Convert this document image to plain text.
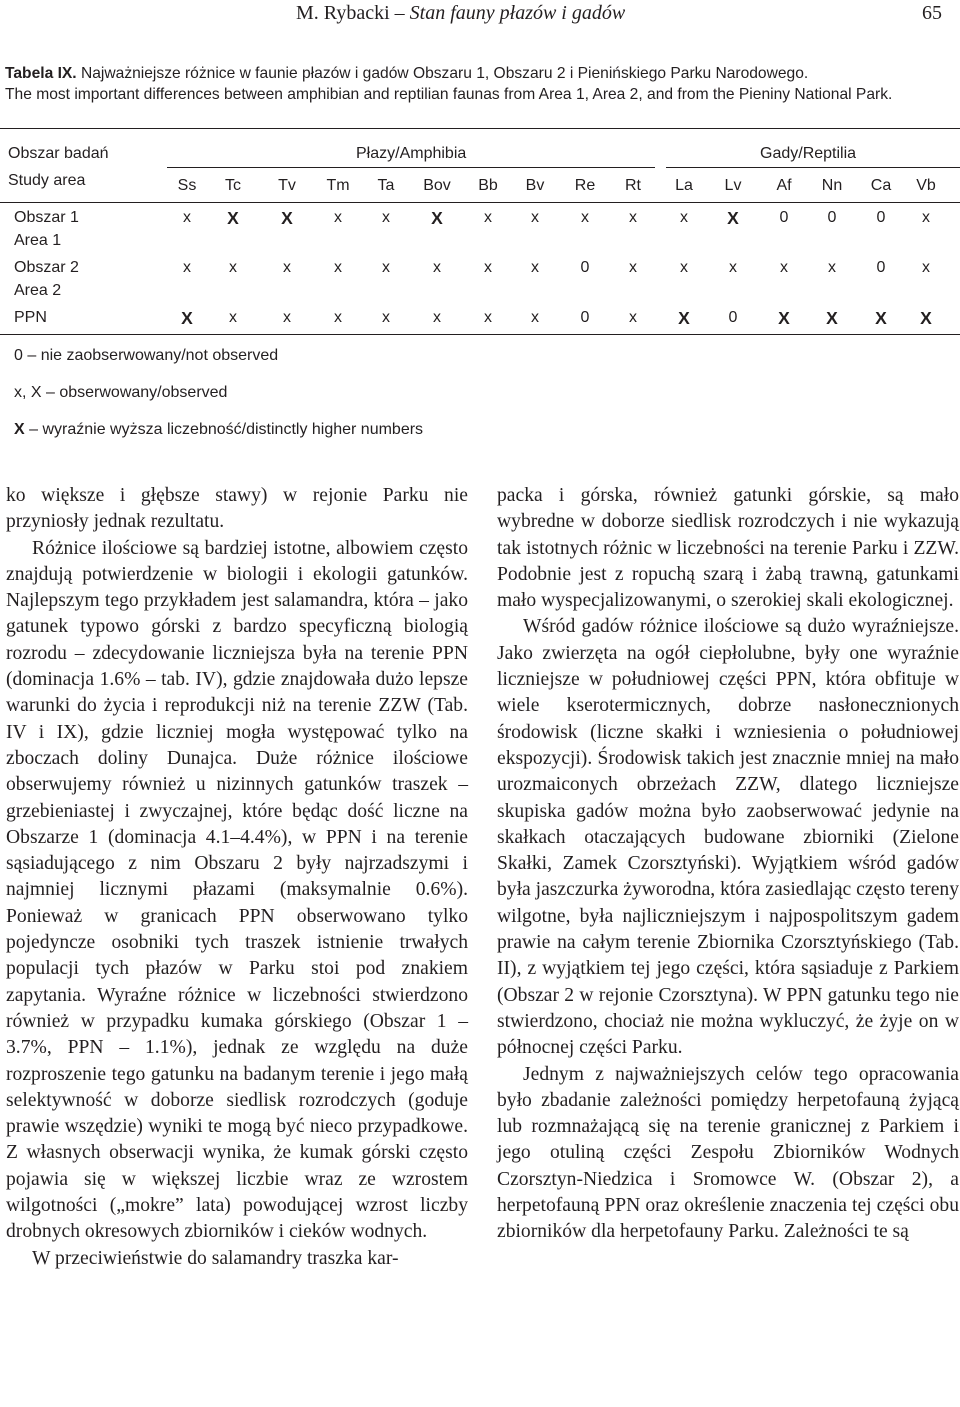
M. Rybacki – Stan fauny płazów i gadów	65
Tabela IX. Najważniejsze różnice w faunie płazów i gadów Obszaru 1, Obszaru 2 i Pienińskiego Parku Narodowego.
The most important differences between amphibian and reptilian faunas from Area 1, Area 2, and from the Pieniny National Park.
Obszar badań
Study area
Płazy/Amphibia	Gady/Reptilia
Ss	Tc	Tv	Tm	Ta	Bov	Bb	Bv	Re	Rt	La	Lv	Af	Nn	Ca	Vb
Obszar 1
Area 1
x	X	X	x	x	X	x	x	x	x	x	X	0	0	0	x
Obszar 2
Area 2
x	x	x	x	x	x	x	x	0	x	x	x	x	x	0	x
PPN	X	x	x	x	x	x	x	x	0	x	X	0	X	X	X	X
0 – nie zaobserwowany/not observed
x, X – obserwowany/observed
X – wyraźnie wyższa liczebność/distinctly higher numbers

ko większe i głębsze stawy) w rejonie Parku nie przyniosły jednak rezultatu.

Różnice ilościowe są bardziej istotne, albowiem często znajdują potwierdzenie w biologii i ekologii gatunków. Najlepszym tego przykładem jest salamandra, która – jako gatunek typowo górski z bardzo specyficzną biologią rozrodu – zdecydowanie liczniejsza była na terenie PPN (dominacja 1.6% – tab. IV), gdzie znajdowała dużo lepsze warunki do życia i reprodukcji niż na terenie ZZW (Tab. IV i IX), gdzie liczniej mogła występować tylko na zboczach doliny Dunajca. Duże różnice ilościowe obserwujemy również u nizinnych gatunków traszek – grzebieniastej i zwyczajnej, które będąc dość liczne na Obszarze 1 (dominacja 4.1–4.4%), w PPN i na terenie sąsiadującego z nim Obszaru 2 były najrzadszymi i najmniej licznymi płazami (maksymalnie 0.6%). Ponieważ w granicach PPN obserwowano tylko pojedyncze osobniki tych traszek istnienie trwałych populacji tych płazów w Parku stoi pod znakiem zapytania. Wyraźne różnice w liczebności stwierdzono również w przypadku kumaka górskiego (Obszar 1 – 3.7%, PPN – 1.1%), jednak ze względu na duże rozproszenie tego gatunku na badanym terenie i jego małą selektywność w doborze siedlisk rozrodczych (goduje prawie wszędzie) wyniki te mogą być nieco przypadkowe. Z własnych obserwacji wynika, że kumak górski często pojawia się w większej liczbie wraz ze wzrostem wilgotności („mokre” lata) powodującej wzrost liczby drobnych okresowych zbiorników i cieków wodnych.

W przeciwieństwie do salamandry traszka kar-

packa i górska, również gatunki górskie, są mało wybredne w doborze siedlisk rozrodczych i nie wykazują tak istotnych różnic w liczebności na terenie Parku i ZZW. Podobnie jest z ropuchą szarą i żabą trawną, gatunkami mało wyspecjalizowanymi, o szerokiej skali ekologicznej.

Wśród gadów różnice ilościowe są dużo wyraźniejsze. Jako zwierzęta na ogół ciepłolubne, były one wyraźnie liczniejsze w południowej części PPN, która obfituje w wiele kserotermicznych, dobrze nasłonecznionych środowisk (liczne skałki i wzniesienia o południowej ekspozycji). Środowisk takich jest znacznie mniej na mało urozmaiconych obrzeżach ZZW, dlatego liczniejsze skupiska gadów można było zaobserwować jedynie na skałkach otaczających budowane zbiorniki (Zielone Skałki, Zamek Czorsztyński). Wyjątkiem wśród gadów była jaszczurka żyworodna, która zasiedlając często tereny wilgotne, była najliczniejszym i najpospolitszym gadem prawie na całym terenie Zbiornika Czorsztyńskiego (Tab. II), z wyjątkiem tej jego części, która sąsiaduje z Parkiem (Obszar 2 w rejonie Czorsztyna). W PPN gatunku tego nie stwierdzono, chociaż nie można wykluczyć, że żyje on w północnej części Parku.

Jednym z najważniejszych celów tego opracowania było zbadanie zależności pomiędzy herpetofauną żyjącą lub rozmnażającą się na terenie granicznej z Parkiem i jego otuliną części Zespołu Zbiorników Wodnych Czorsztyn-Niedzica i Sromowce W. (Obszar 2), a herpetofauną PPN oraz określenie znaczenia tej części obu zbiorników dla herpetofauny Parku. Zależności te są
